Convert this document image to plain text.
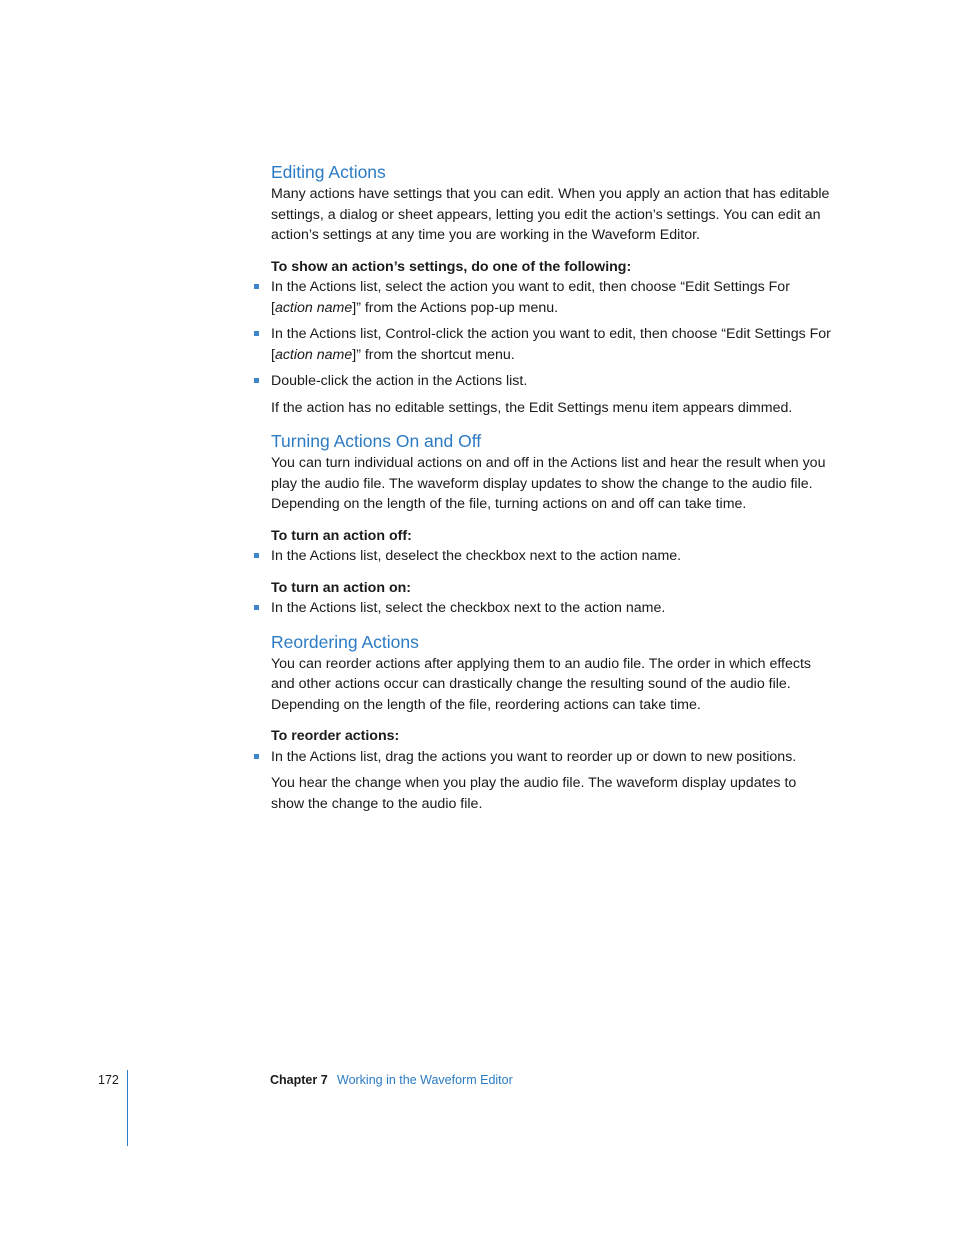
Editing Actions

Many actions have settings that you can edit. When you apply an action that has editable settings, a dialog or sheet appears, letting you edit the action’s settings. You can edit an action’s settings at any time you are working in the Waveform Editor.

To show an action’s settings, do one of the following:

In the Actions list, select the action you want to edit, then choose “Edit Settings For [action name]” from the Actions pop-up menu.

In the Actions list, Control-click the action you want to edit, then choose “Edit Settings For [action name]” from the shortcut menu.

Double-click the action in the Actions list.

If the action has no editable settings, the Edit Settings menu item appears dimmed.

Turning Actions On and Off

You can turn individual actions on and off in the Actions list and hear the result when you play the audio file. The waveform display updates to show the change to the audio file. Depending on the length of the file, turning actions on and off can take time.

To turn an action off:

In the Actions list, deselect the checkbox next to the action name.

To turn an action on:

In the Actions list, select the checkbox next to the action name.

Reordering Actions

You can reorder actions after applying them to an audio file. The order in which effects and other actions occur can drastically change the resulting sound of the audio file. Depending on the length of the file, reordering actions can take time.

To reorder actions:

In the Actions list, drag the actions you want to reorder up or down to new positions.

You hear the change when you play the audio file. The waveform display updates to show the change to the audio file.

172	Chapter 7 Working in the Waveform Editor
